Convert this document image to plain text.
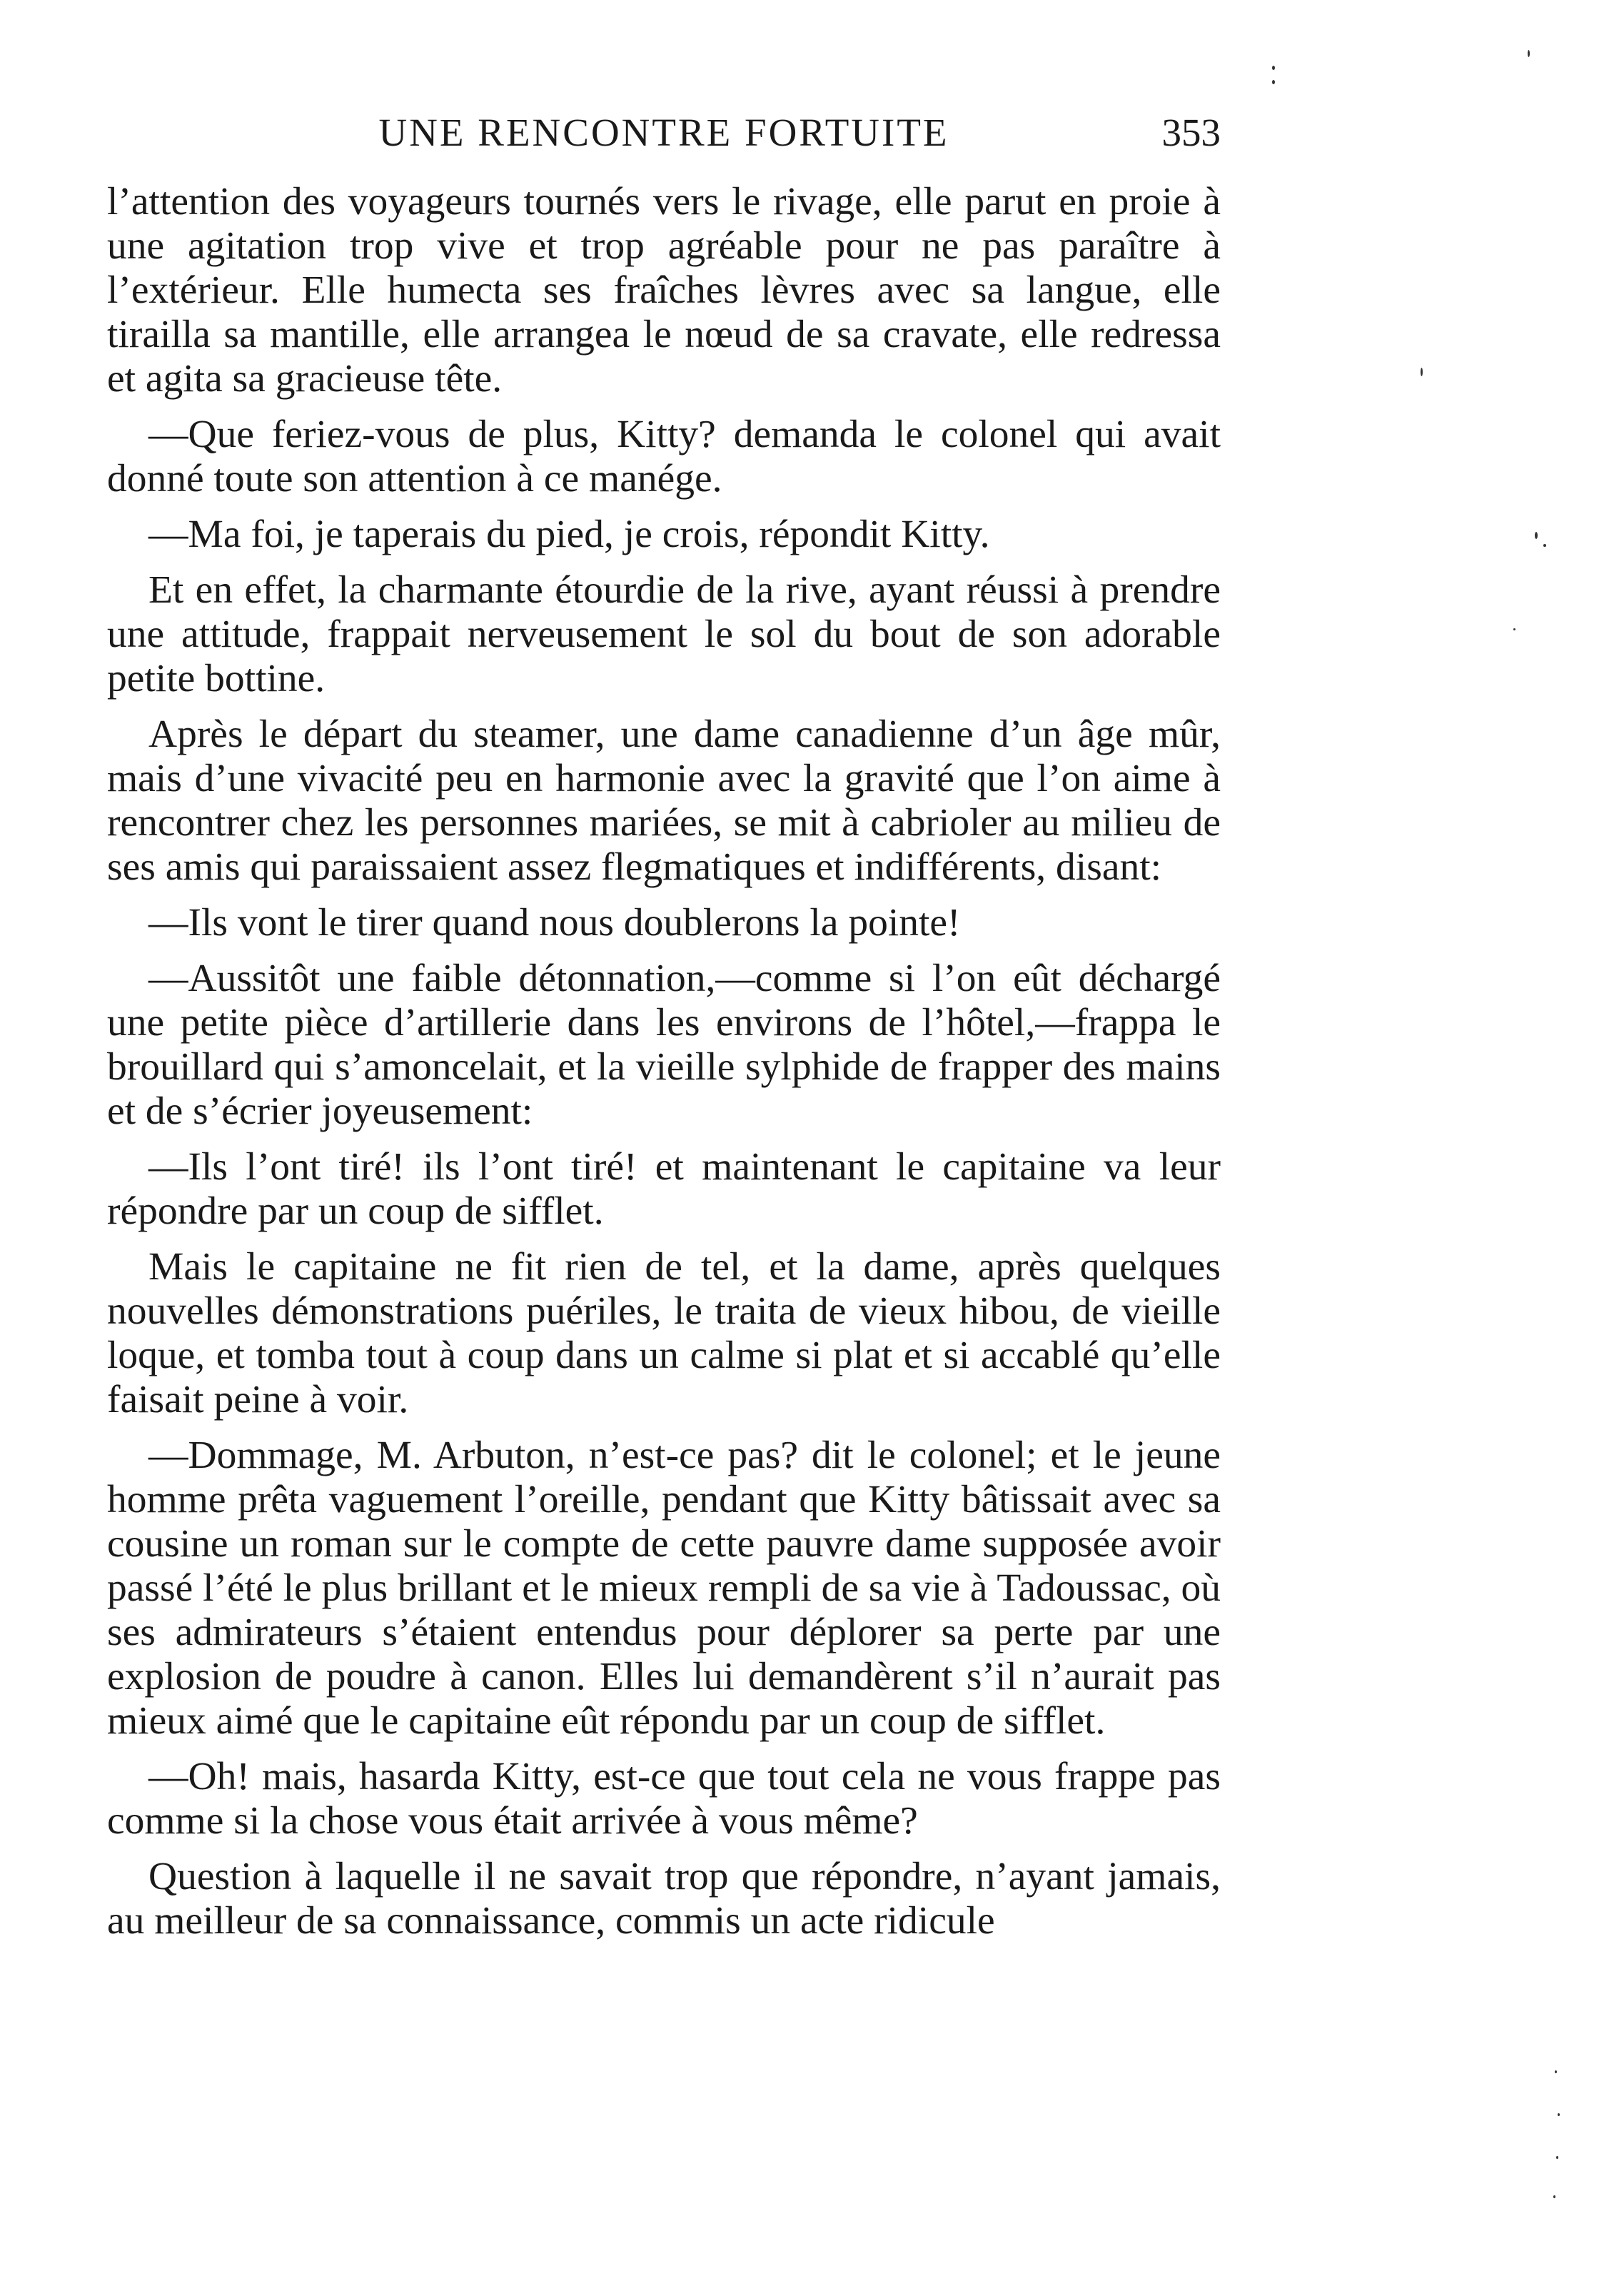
UNE RENCONTRE FORTUITE	353

l’attention des voyageurs tournés vers le rivage, elle parut en proie à une agitation trop vive et trop agréable pour ne pas paraître à l’extérieur. Elle humecta ses fraîches lèvres avec sa langue, elle tirailla sa mantille, elle arrangea le nœud de sa cravate, elle redressa et agita sa gracieuse tête.

—Que feriez-vous de plus, Kitty? demanda le colonel qui avait donné toute son attention à ce manége.

—Ma foi, je taperais du pied, je crois, répondit Kitty.

Et en effet, la charmante étourdie de la rive, ayant réussi à prendre une attitude, frappait nerveusement le sol du bout de son adorable petite bottine.

Après le départ du steamer, une dame canadienne d’un âge mûr, mais d’une vivacité peu en harmonie avec la gravité que l’on aime à rencontrer chez les personnes mariées, se mit à cabrioler au milieu de ses amis qui paraissaient assez flegmatiques et indifférents, disant:

—Ils vont le tirer quand nous doublerons la pointe!

—Aussitôt une faible détonnation,—comme si l’on eût déchargé une petite pièce d’artillerie dans les environs de l’hôtel,—frappa le brouillard qui s’amoncelait, et la vieille sylphide de frapper des mains et de s’écrier joyeusement:

—Ils l’ont tiré! ils l’ont tiré! et maintenant le capitaine va leur répondre par un coup de sifflet.

Mais le capitaine ne fit rien de tel, et la dame, après quelques nouvelles démonstrations puériles, le traita de vieux hibou, de vieille loque, et tomba tout à coup dans un calme si plat et si accablé qu’elle faisait peine à voir.

—Dommage, M. Arbuton, n’est-ce pas? dit le colonel; et le jeune homme prêta vaguement l’oreille, pendant que Kitty bâtissait avec sa cousine un roman sur le compte de cette pauvre dame supposée avoir passé l’été le plus brillant et le mieux rempli de sa vie à Tadoussac, où ses admirateurs s’étaient entendus pour déplorer sa perte par une explosion de poudre à canon. Elles lui demandèrent s’il n’aurait pas mieux aimé que le capitaine eût répondu par un coup de sifflet.

—Oh! mais, hasarda Kitty, est-ce que tout cela ne vous frappe pas comme si la chose vous était arrivée à vous même?

Question à laquelle il ne savait trop que répondre, n’ayant jamais, au meilleur de sa connaissance, commis un acte ridicule
